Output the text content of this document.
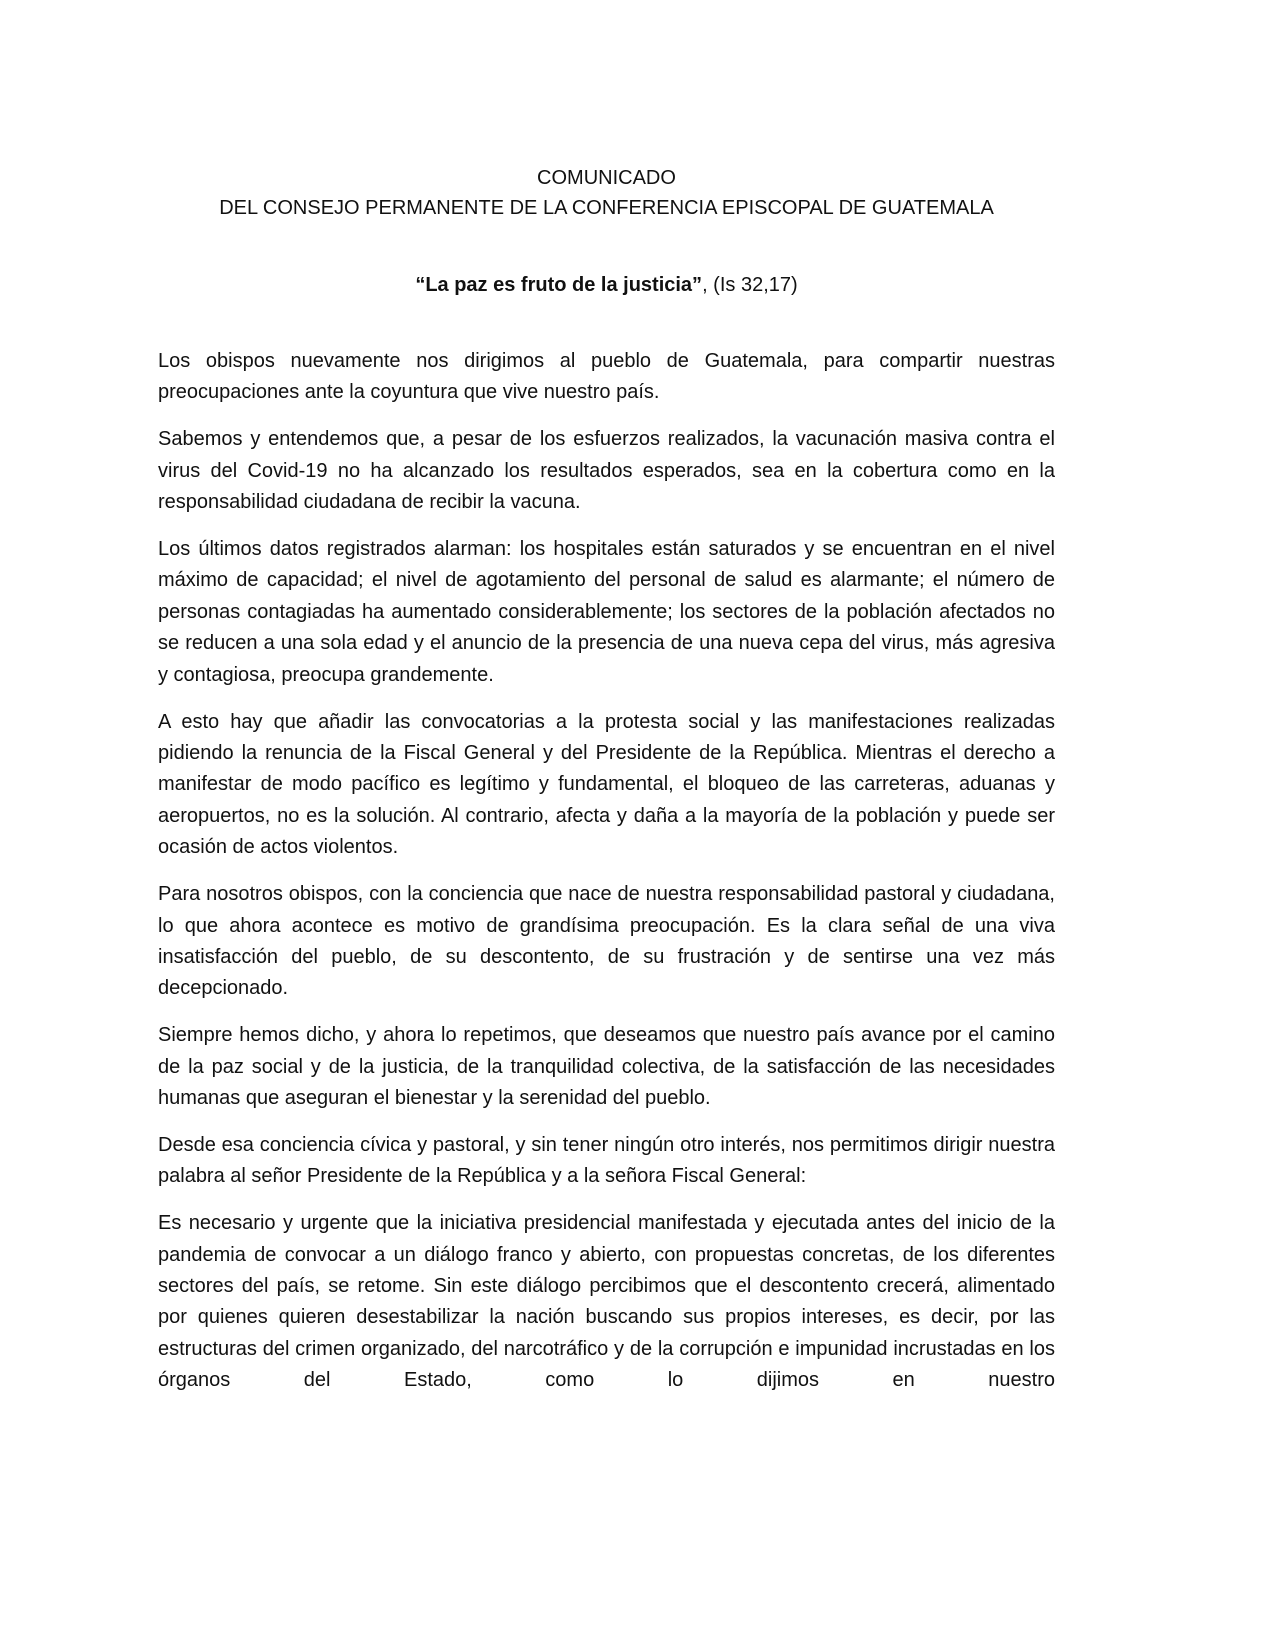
COMUNICADO
DEL CONSEJO PERMANENTE DE LA CONFERENCIA EPISCOPAL DE GUATEMALA
“La paz es fruto de la justicia”, (Is 32,17)

Los obispos nuevamente nos dirigimos al pueblo de Guatemala, para compartir nuestras preocupaciones ante la coyuntura que vive nuestro país.

Sabemos y entendemos que, a pesar de los esfuerzos realizados, la vacunación masiva contra el virus del Covid-19 no ha alcanzado los resultados esperados, sea en la cobertura como en la responsabilidad ciudadana de recibir la vacuna.

Los últimos datos registrados alarman: los hospitales están saturados y se encuentran en el nivel máximo de capacidad; el nivel de agotamiento del personal de salud es alarmante; el número de personas contagiadas ha aumentado considerablemente; los sectores de la población afectados no se reducen a una sola edad y el anuncio de la presencia de una nueva cepa del virus, más agresiva y contagiosa, preocupa grandemente.

A esto hay que añadir las convocatorias a la protesta social y las manifestaciones realizadas pidiendo la renuncia de la Fiscal General y del Presidente de la República. Mientras el derecho a manifestar de modo pacífico es legítimo y fundamental, el bloqueo de las carreteras, aduanas y aeropuertos, no es la solución. Al contrario, afecta y daña a la mayoría de la población y puede ser ocasión de actos violentos.

Para nosotros obispos, con la conciencia que nace de nuestra responsabilidad pastoral y ciudadana, lo que ahora acontece es motivo de grandísima preocupación. Es la clara señal de una viva insatisfacción del pueblo, de su descontento, de su frustración y de sentirse una vez más decepcionado.

Siempre hemos dicho, y ahora lo repetimos, que deseamos que nuestro país avance por el camino de la paz social y de la justicia, de la tranquilidad colectiva, de la satisfacción de las necesidades humanas que aseguran el bienestar y la serenidad del pueblo.

Desde esa conciencia cívica y pastoral, y sin tener ningún otro interés, nos permitimos dirigir nuestra palabra al señor Presidente de la República y a la señora Fiscal General:

Es necesario y urgente que la iniciativa presidencial manifestada y ejecutada antes del inicio de la pandemia de convocar a un diálogo franco y abierto, con propuestas concretas, de los diferentes sectores del país, se retome. Sin este diálogo percibimos que el descontento crecerá, alimentado por quienes quieren desestabilizar la nación buscando sus propios intereses, es decir, por las estructuras del crimen organizado, del narcotráfico y de la corrupción e impunidad incrustadas en los órganos del Estado, como lo dijimos en nuestro
